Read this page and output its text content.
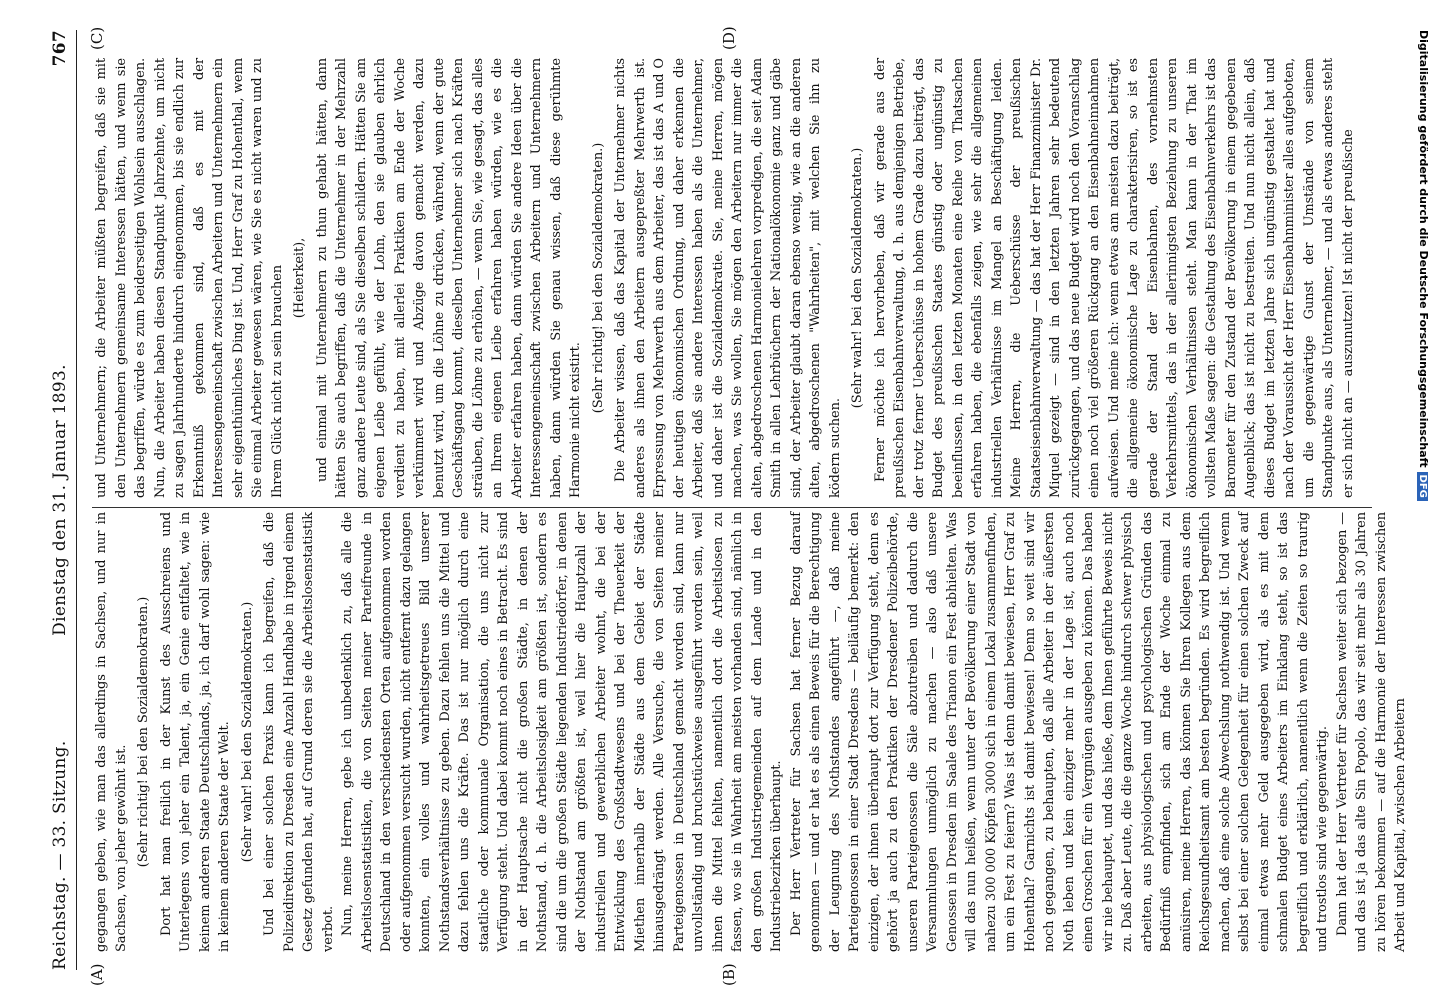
Reichstag. — 33. Sitzung.
Dienstag den 31. Januar 1893.
767
(A)	(B)
(C)	(D)

gegangen geben, wie man das allerdings in Sachsen, und nur in Sachsen, von jeher gewöhnt ist. (Sehr richtig! bei den Sozialdemokraten.) Dort hat man freilich in der Kunst des Ausschreiens und Unterlegens von jeher ein Talent, ja, ein Genie entfaltet, wie in keinem anderen Staate Deutschlands, ja, ich darf wohl sagen: wie in keinem anderen Staate der Welt. (Sehr wahr! bei den Sozialdemokraten.) Und bei einer solchen Praxis kann ich begreifen, daß die Polizeidirektion zu Dresden eine Anzahl Handhabe in irgend einem Gesetz gefunden hat, auf Grund deren sie die Arbeitslosenstatistik verbot. Nun, meine Herren, gebe ich unbedenklich zu, daß alle die Arbeitslosenstatistiken, die von Seiten meiner Parteifreunde in Deutschland in den verschiedensten Orten aufgenommen worden oder aufgenommen versucht wurden, nicht entfernt dazu gelangen konnten, ein volles und wahrheitsgetreues Bild unserer Nothstandsverhältnisse zu geben. Dazu fehlen uns die Mittel und dazu fehlen uns die Kräfte. Das ist nur möglich durch eine staatliche oder kommunale Organisation, die uns nicht zur Verfügung steht. Und dabei kommt noch eines in Betracht. Es sind in der Hauptsache nicht die großen Städte, in denen der Nothstand, d. h. die Arbeitslosigkeit am größten ist, sondern es sind die um die großen Städte liegenden Industriedörfer, in denen der Nothstand am größten ist, weil hier die Hauptzahl der industriellen und gewerblichen Arbeiter wohnt, die bei der Entwicklung des Großstadtwesens und bei der Theuerkeit der Miethen innerhalb der Städte aus dem Gebiet der Städte hinausgedrängt werden. Alle Versuche, die von Seiten meiner Parteigenossen in Deutschland gemacht worden sind, kann nur unvollständig und bruchstückweise ausgeführt worden sein, weil ihnen die Mittel fehlten, namentlich dort die Arbeitslosen zu fassen, wo sie in Wahrheit am meisten vorhanden sind, nämlich in den großen Industriegemeinden auf dem Lande und in den Industriebezirken überhaupt. Der Herr Vertreter für Sachsen hat ferner Bezug darauf genommen — und er hat es als einen Beweis für die Berechtigung der Leugnung des Nothstandes angeführt —, daß meine Parteigenossen in einer Stadt Dresdens — beiläufig bemerkt: den einzigen, der ihnen überhaupt dort zur Verfügung steht, denn es gehört ja auch zu den Praktiken der Dresdener Polizeibehörde, unseren Parteigenossen die Säle abzutreiben und dadurch die Versammlungen unmöglich zu machen — also daß unsere Genossen in Dresden im Saale des Trianon ein Fest abhielten. Was will das nun heißen, wenn unter der Bevölkerung einer Stadt von nahezu 300 000 Köpfen 3000 sich in einem Lokal zusammenfinden, um ein Fest zu feiern? Was ist denn damit bewiesen, Herr Graf zu Hohenthal? Garnichts ist damit bewiesen! Denn so weit sind wir noch gegangen, zu behaupten, daß alle Arbeiter in der äußersten Noth leben und kein einziger mehr in der Lage ist, auch noch einen Groschen für ein Vergnügen ausgeben zu können. Das haben wir nie behauptet, und das hieße, dem Ihnen geführte Beweis nicht zu. Daß aber Leute, die die ganze Woche hindurch schwer physisch arbeiten, aus physiologischen und psychologischen Gründen das Bedürfniß empfinden, sich am Ende der Woche einmal zu amüsiren, meine Herren, das können Sie Ihren Kollegen aus dem Reichsgesundheitsamt am besten begründen. Es wird begreiflich machen, daß eine solche Abwechslung nothwendig ist. Und wenn selbst bei einer solchen Gelegenheit für einen solchen Zweck auf einmal etwas mehr Geld ausgegeben wird, als es mit dem schmalen Budget eines Arbeiters im Einklang steht, so ist das begreiflich und erklärlich, namentlich wenn die Zeiten so traurig und trostlos sind wie gegenwärtig. Dann hat der Herr Vertreter für Sachsen weiter sich bezogen — und das ist ja das alte Sin Popolo, das wir seit mehr als 30 Jahren zu hören bekommen — auf die Harmonie der Interessen zwischen Arbeit und Kapital, zwischen Arbeitern

und Unternehmern; die Arbeiter müßten begreifen, daß sie mit den Unternehmern gemeinsame Interessen hätten, und wenn sie das begriffen, würde es zum beiderseitigen Wohlsein ausschlagen. Nun, die Arbeiter haben diesen Standpunkt Jahrzehnte, um nicht zu sagen Jahrhunderte hindurch eingenommen, bis sie endlich zur Erkenntniß gekommen sind, daß es mit der Interessengemeinschaft zwischen Arbeitern und Unternehmern ein sehr eigenthümliches Ding ist. Und, Herr Graf zu Hohenthal, wenn Sie einmal Arbeiter gewesen wären, wie Sie es nicht waren und zu Ihrem Glück nicht zu sein brauchen (Heiterkeit), und einmal mit Unternehmern zu thun gehabt hätten, dann hätten Sie auch begriffen, daß die Unternehmer in der Mehrzahl ganz andere Leute sind, als Sie dieselben schildern. Hätten Sie am eigenen Leibe gefühlt, wie der Lohn, den sie glauben ehrlich verdient zu haben, mit allerlei Praktiken am Ende der Woche verkümmert wird und Abzüge davon gemacht werden, dazu benutzt wird, um die Löhne zu drücken, während, wenn der gute Geschäftsgang kommt, dieselben Unternehmer sich nach Kräften sträuben, die Löhne zu erhöhen, — wenn Sie, wie gesagt, das alles an Ihrem eigenen Leibe erfahren haben würden, wie es die Arbeiter erfahren haben, dann würden Sie andere Ideen über die Interessengemeinschaft zwischen Arbeitern und Unternehmern haben, dann würden Sie genau wissen, daß diese gerühmte Harmonie nicht existirt.

(Sehr richtig! bei den Sozialdemokraten.) Die Arbeiter wissen, daß das Kapital der Unternehmer nichts anderes als ihnen den Arbeitern ausgepreßter Mehrwerth ist. Erpressung von Mehrwerth aus dem Arbeiter, das ist das A und O der heutigen ökonomischen Ordnung, und daher erkennen die Arbeiter, daß sie andere Interessen haben als die Unternehmer, und daher ist die Sozialdemokratie. Sie, meine Herren, mögen machen, was Sie wollen, Sie mögen den Arbeitern nur immer die alten, abgedroschenen Harmonielehren vorpredigen, die seit Adam Smith in allen Lehrbüchern der Nationalökonomie ganz und gäbe sind, der Arbeiter glaubt daran ebenso wenig, wie an die anderen alten, abgedroschenen "Wahrheiten", mit welchen Sie ihn zu ködern suchen.

(Sehr wahr! bei den Sozialdemokraten.) Ferner möchte ich hervorheben, daß wir gerade aus der preußischen Eisenbahnverwaltung, d. h. aus demjenigen Betriebe, der trotz ferner Ueberschüsse in hohem Grade dazu beiträgt, das Budget des preußischen Staates günstig oder ungünstig zu beeinflussen, in den letzten Monaten eine Reihe von Thatsachen erfahren haben, die ebenfalls zeigen, wie sehr die allgemeinen industriellen Verhältnisse im Mangel an Beschäftigung leiden. Meine Herren, die Ueberschüsse der preußischen Staatseisenbahnverwaltung — das hat der Herr Finanzminister Dr. Miquel gezeigt — sind in den letzten Jahren sehr bedeutend zurückgegangen, und das neue Budget wird noch den Voranschlag einen noch viel größeren Rückgang an den Eisenbahneinnahmen aufweisen. Und meine ich: wenn etwas am meisten dazu beiträgt, die allgemeine ökonomische Lage zu charakterisiren, so ist es gerade der Stand der Eisenbahnen, des vornehmsten Verkehrsmittels, das in der allerinnigsten Beziehung zu unseren ökonomischen Verhältnissen steht. Man kann in der That im vollsten Maße sagen: die Gestaltung des Eisenbahnverkehrs ist das Barometer für den Zustand der Bevölkerung in einem gegebenen Augenblick; das ist nicht zu bestreiten. Und nun nicht allein, daß dieses Budget im letzten Jahre sich ungünstig gestaltet hat und nach der Voraussicht der Herr Eisenbahnminister alles aufgeboten, um die gegenwärtige Gunst der Umstände von seinem Standpunkte aus, als Unternehmer, — und als etwas anderes steht er sich nicht an — auszunutzen! Ist nicht der preußische	Digitalisierung gefördert durch die Deutsche Forschungsgemeinschaft DFG
